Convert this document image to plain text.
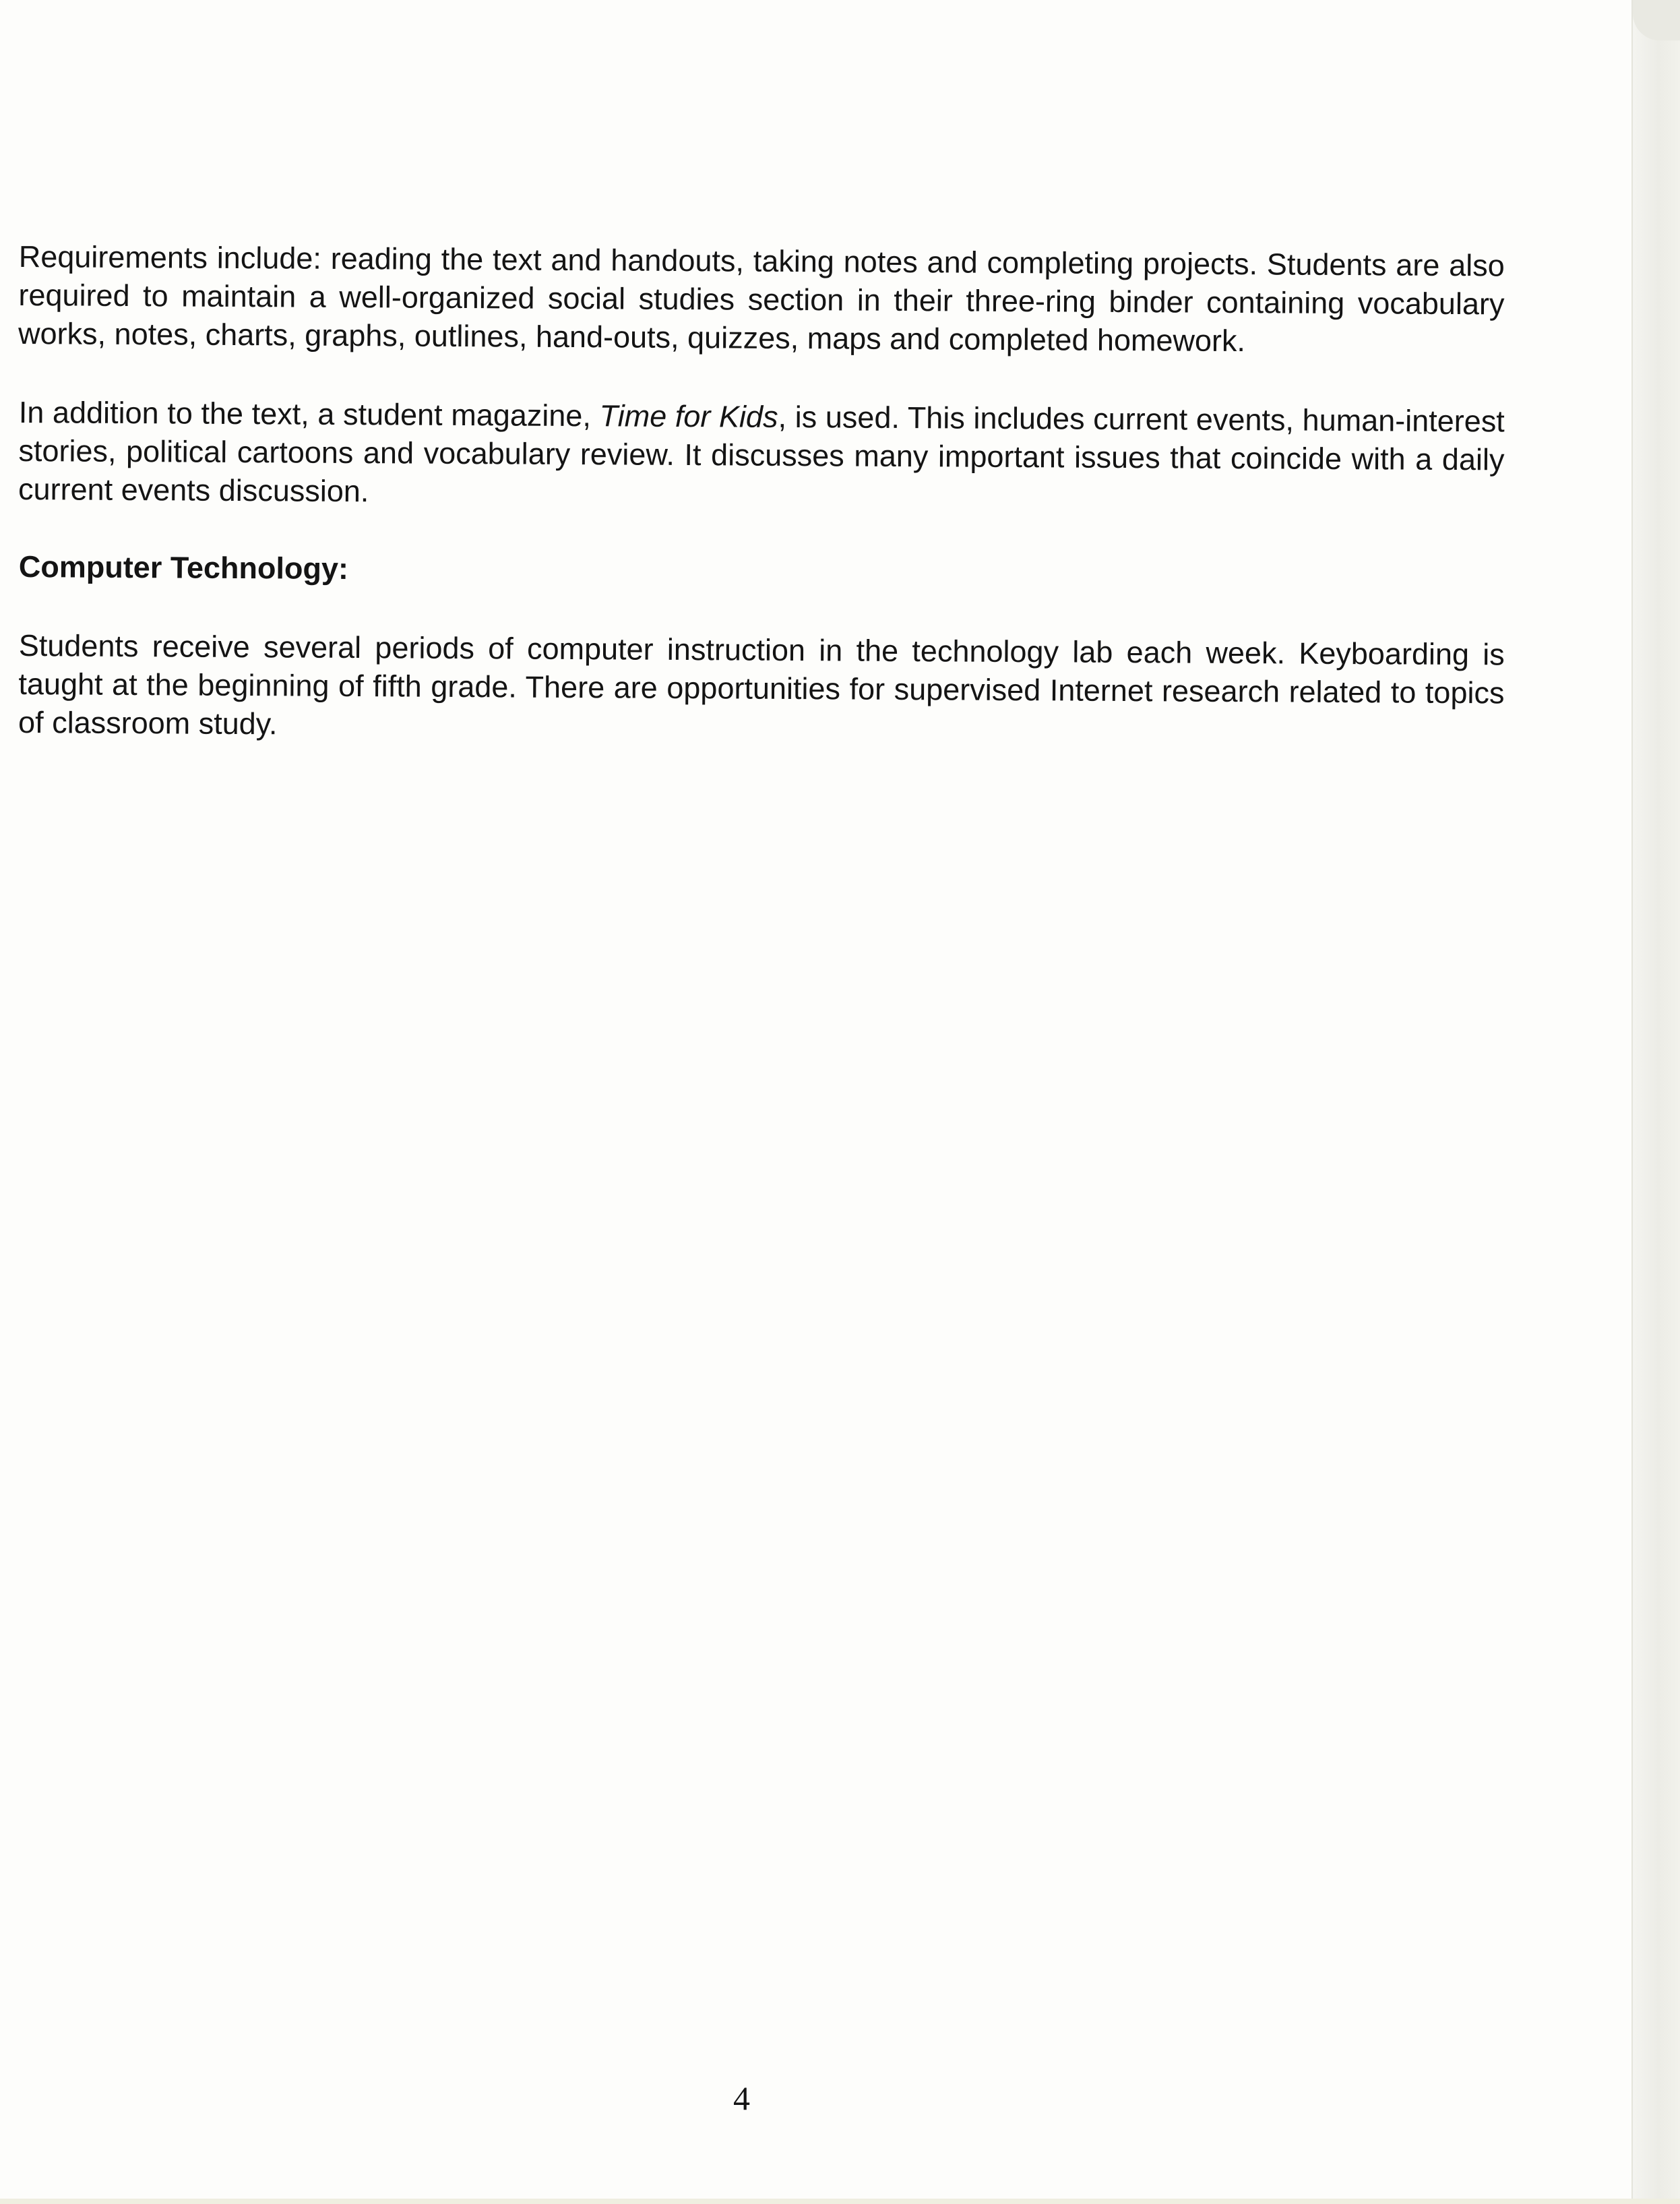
Requirements include: reading the text and handouts, taking notes and completing projects. Students are also required to maintain a well-organized social studies section in their three-ring binder containing vocabulary works, notes, charts, graphs, outlines, hand-outs, quizzes, maps and completed homework.

In addition to the text, a student magazine, Time for Kids, is used. This includes current events, human-interest stories, political cartoons and vocabulary review. It discusses many important issues that coincide with a daily current events discussion.

Computer Technology:

Students receive several periods of computer instruction in the technology lab each week. Keyboarding is taught at the beginning of fifth grade. There are opportunities for supervised Internet research related to topics of classroom study.

4
